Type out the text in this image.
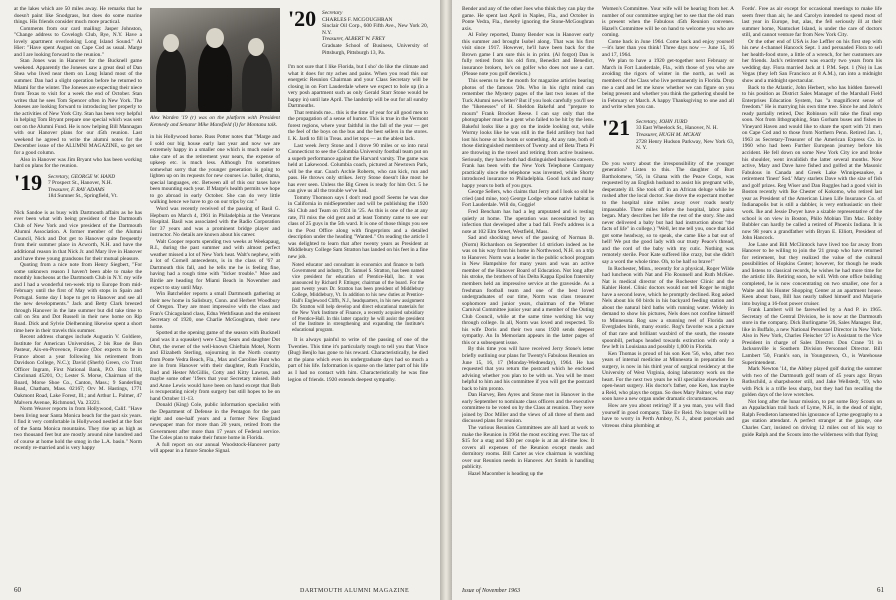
at the lakes which are 50 miles away. He remarks that he doesn't paint like Snodgrass, but does do some marine things. His friends consider much more practical.

Comments from our card mailing: Jasper Johnston, "Change address to Covelogh Club, Rye, N.Y. Have a lovely apartment overlooking Long Island Sound." Al Hier: "Have spent August on Cape Cod as usual. Marge and I are looking forward to the reunion."

Stan Jones was in Hanover for the Bucknell game weekend. Apparently the Joneses saw a great deal of Dan Shea who lived near them on Long Island most of the summer. Dan had a slight operation before he returned to Miami for the winter. The Joneses are expecting their niece from Texas to visit for a week the end of October. Stan writes that he sees Tom Spencer often in New York. The Joneses are looking forward to introducing her properly to the activities of New York City. Stan has been very helpful in helping Tom Bryant prepare one special which was sent out on the Alumni Fund. He is now helping Bill Mannagan with our Hanover plans for our 45th reunion. Last weekend he agreed to write the alumni notes for the December issue of the ALUMNI MAGAZINE, so get set for a good column.

Also in Hanover was Jim Bryant who has been working hard on plans for the reunion.

'19 Secretary, GEORGE W. HAND
7 Prospect St., Hanover, N.H.
Treasurer, F. RAY ADAMS
184 Sumner St., Springfield, Vt.

Nick Sandoe is as busy with Dartmouth affairs as he has ever been what with being president of the Dartmouth Club of New York and vice president of the Dartmouth Alumni Association. A former member of the Alumni Council, Nick and Dot get to Hanover quite frequently from their summer place in Acworth, N.H. and have the additional reason in that Nick Jr. and Mary live in Hanover and have three young grandsons for their mutual pleasure.

Quoting from a nice note from Henry Siegbert, "For some unknown reason I haven't been able to make the monthly luncheons at the Dartmouth Club in N.Y. my wife and I had a wonderful ten-week trip to Europe from mid-February until the first of May with stops in Spain and Portugal. Some day I hope to get to Hanover and see all the new developments." Jack and Betty Clark breezed through Hanover in the late summer but did take time to call on Stu and Dot Russell in their new home on Rip Road. Dick and Sylvie Dielhenning likewise spent a short time here in their travels this summer.

Recent address changes include Augustin V. Goldiere, Institute for American Universities, 2 bis Rue de Bon Pasteur, Aix-en-Provence, France (Doc expects to be in France about a year following his retirement from Davidson College, N.C.); David (Sherb) Green, c/o Trust Officer Ingram, First National Bank, P.O. Box 1118, Cincinnati 45201, O.; Lester S. Morse, Chairman of the Board, Morse Shoe Co., Canton, Mass.; 9 Sanderling Road, Chatham, Mass. 02167; Orv M. Hastings, 1771 Oakmont Road, Lake Forest, Ill.; and Arthur L. Palmer, 47 Malvern Avenue, Richmond, Va. 23221.

Norm Weaver reports in from Hollywood, Calif. "Have been living near Santa Monica beach for the past six years. I find it very comfortable in Hollywood nestled at the foot of the Santa Monica mountains. They rise up as high as two thousand feet but are mostly around nine hundred and of course at home hold the smog in the L.A. basin." Norm recently re-married and is very happy

Alex Warden '19 (r) was on the platform with President Kennedy and Senator Mike Mansfield (l) for Montana talk.

in his Hollywood home. Russ Potter notes that "Marge and I sold our big house early last year and now we are extremely happy in a smaller one which is much easier to take care of as the retirement year nears, the expense of upkeep etc. is much less. Although I'm sometimes somewhat sorry that the younger generation is going to lighten up on its requests for new courses i.e. ballet, drama, special languages, etc. Between all of this our taxes have been mounting each year. If Marge's health permits we hope to go abroad in early October. She can do very little walking hence we have to go on our trips by car."

Word was recently received of the passing of Basil G. Hepburn on March 4, 1961 in Philadelphia at the Veterans Hospital. Basil was associated with the Radio Corporation for 37 years and was a prominent bridge player and instructor. No details are known about his career.

Walt Cooper reports spending two weeks at Weekapaug, R.I., during the past summer and with almost perfect weather missed a lot of New York heat. Walt's nephew, with a lot of Cornell antecedents, is in the class of '67 at Dartmouth this fall, and he tells me he is feeling fine, having had a rough time with "ticker trouble." Moe and Birdie are heading for Miami Beach in November and expect to stay until May.

Win Batchelder reports a small Dartmouth gathering at their new home in Salisbury, Conn. and Herbert Woodbury of Oregon. They are most impressive with the class and Fran's Chicagoland class, Edna Wethfisaun and the eminent Secretary of 1920, one Charlie McGoughran, their new home.

Spotted at the opening game of the season with Bucknell (and was it a squeaker) were Chug Sears and daughter Dot Ohrt, the owner of the well-known Chieftain Motel, Norm and Elizabeth Sterling, sojourning in the North country from Ponte Vedra Beach, Fla., Max and Caroline Hunt who are in from Hanover with their daughter, Ruth Fracklin, Bud and Hester McGillis, Cotty and Kitty Lawton, and maybe some other '19ers that your Secretary missed. Bob and Anne Lewis would have been on hand except that Bob is recuperating nicely from surgery but still hopes to be on hand October 11-13.

Donald (King) Cole, public information specialist with the Department of Defense in the Pentagon for the past eight and one-half years and a former New England newspaper man for more than 20 years, retired from the Government after more than 17 years of Federal service. The Coles plan to make their future home in Florida.

A full report on our annual Woodstock-Hanover party will appear in a future Smoke Signal.

'20 Secretary
CHARLES F. MCGOUGHRAN
Sinclair Oil Corp., 600 Fifth Ave., New York 20, N.Y.
Treasurer, ALBERT W. FREY
Graduate School of Business, University of Pittsburgh, Pittsburgh 13, Pa.

I'm not sure that I like Florida, but I sho' do like the climate and what it does for my aches and pains. When you read this our energetic Reunion Chairman and your Class Secretary will be closing in on Fort Lauderdale where we expect to hole up (in a very posh apartment such as only Gerald Starr Stone would be happy in) until late April. The landstrip will be out for all sundry Dartmouths.

That reminds me... this is the time of year for all good men to the propagation of a sense of humor. This is true in the Vermont forest regions, where your faithful in the fall of the year — get the feel of the boys on the bus and the best sellers in the stores. I. K. Jardi to fill in Treas. and let tops — as the ablest lack.

Last week Jerry Stone and I drove 90 miles or so into rural Connecticut to see the Columbia University football team put on a superb performance against the Harvard varsity. The game was held at Lakewood. Columbia coach, pictured at Newtown Park, will be the star. Coach Archie Roberts, who can kick, run and pass. He throws only strikes. Jerry Stone doesn't like most he has ever seen. Unless the Big Green is ready for him Oct. 5 he can give us all the trouble we've had.

Tommy Thomson says I don't read good! Seems he was due in California in midSeptember and will be publishing the 1920 Ski Club and Team on 1924 in '25. As this is one of the at any rate, I'll miss the old gent and at least Tommy came to see our class of 25 guys in the 5th ward. It is one of those things you see in the Post Office along with fingerprints and a detailed description under the heading "Wanted." On reading the article I was delighted to learn that after twenty years as President at Middlebury College Sam Stratton has landed on his feet in a fine new job.

Noted educator and consultant in economics and finance to both Government and industry, Dr. Samuel S. Stratton, has been named vice president for education of Prentice-Hall, Inc. it was announced by Richard P. Ettinger, chairman of the board. For the past twenty years Dr. Stratton has been president of Middlebury College, Middlebury, Vt. In addition to his new duties at Prentice-Hall's Englewood Cliffs, N.J., headquarters, in his new assignment Dr. Stratton will help develop and direct educational materials for the New York Institute of Finance, a recently acquired subsidiary of Prentice-Hall. In this latter capacity he will assist the president of the Institute in strengthening and expanding the Institute's educational program.

It is always painful to write of the passing of one of the Twenties. This time it's particularly tough to tell you that Vince (Bug) Benjlo has gone to his reward. Characteristically, he died at the piano which even its undergraduate days had so much a part of his life. Information is sparse on the latter part of his life as I had no contact with him. Characteristically he was fine legion of friends. 1920 extends deepest sympathy.

60	DARTMOUTH ALUMNI MAGAZINE

Bender and any of the other Joes who think they can play the game. He spent last April in Naples, Fla., and October in Ponte Vedra, Fla., thereby ignoring the Stone-McGoughran axis.

Al Foley reported, Danny Bender was in Hanover early this summer and brought Isobel along. That was his first visit since 1917. However, he'll have been back for the Brown game I am sure this is in print. (Al forgot) Dan is fully retired from his old firm, Benedict and Benedict, insurance brokers, he's on golfer who does not use a cart. (Please note you golf derelicts.)

This seems to be the month for magazine articles bearing photos of the famous '20s. Who in his right mind can remember the Mystery pages of the last two issues of the Tuck Alumni news letter? But if you look carefully you'll see the "likenesses" of H. Sheldon Bakeful and "prepare to mourn" Frank Brocket Reese. I can say only that the photographer must be a gent who failed to be hit by the lens. Bakeful looks like a guy on the inside looking out, while Wormy looks like he was still in the field artillery but had lost his horse or his boots or something. At any rate, both of those distinguished members of Twenty and of Beta Theta Pi are throwing in the towel and retiring from active business. Seriously, they have both had distinguished business careers. Frank has been with the New York Telephone Company practically since the telephone was invented, while Shorty introduced insurance to Philadelphia. Good luck and many happy years to both of you guys.

George Sellers, who claims that Jerry and I look so old he cried (and mine, too) George Lodge whose native habitat is Fort Lauderdale. Will do, Goggie!

Fred Bencham has had a leg amputated and is resting quietly at home. The operation was necessitated by an infection that developed after a bad fall. Fred's address is a note at 102 Elm Street, Westfield, Mass.

Sad and shocking news of the passing of Norman B. (Norm) Richardson on September 14 stricken indeed as he was on his way from his home in Northwood, N.H. on a trip to Hanover. Norm was a leader in the public school program in New Hampshire for many years and was an active member of the Hanover Board of Education. Not long after his stroke, the brothers of his Delta Kappa Epsilon fraternity members held an impressive service at the graveside. As a freshman football team and one of the best loved undergraduates of our time, Norm was class treasurer sophomore and junior years, chairman of the Winter Carnival Committee junior year and a member of the Outing Club Council, while at the same time working his way through college. In all, Norm was loved and respected. To his wife Doris and their two sons 1920 sends deepest sympathy. An In Memoriam appears in the latter pages of this or a subsequent issue.

By this time you will have received Jerry Stone's letter briefly outlining our plans for Twenty's Fabulous Reunion on June 15, 16, 17 (Monday-Wednesday), 1964. He has requested that you return the postcard which he enclosed advising whether you plan to be with us. You will be most helpful to him and his committee if you will get the postcard back to him pronto.

Dan Harvey, Ben Ayres and Stone met in Hanover in the early September to nominate class officers and the executive committee to be voted on by the Class at reunion. They were joined by Doc Miller and the views of all three of them and discussed plans for reunion.

The various Reunion Committees are all hard at work to make the Reunion in 1964 the most exciting ever. The tax of $15 for a stag and $30 per couple is at an all-time low. It covers all expenses of the Reunion except meals and dormitory rooms. Bill Carter as vice chairman is watching over our Reunion needs in Hanover. Art Smith is handling publicity.

Hazel Macomber is heading up the

Women's Committee. Your wife will be hearing from her. A number of our committee urging her to see that the old man is present when the Fabulous 45th Reunion convenes. Hazel's Committee will be on hand to welcome you who are coming.

Come back in June 1964. Come back and enjoy yourself—it's later than you think! Three days now — June 15, 16 and 17, 1964.

We plan to have a 1920 get-together next February or March in Fort Lauderdale, Fla., with those of you who are avoiding the rigors of winter in the north, as well as members of the Class who live permanently in Florida. Drop me a card and let me know whether we can figure on you being present and whether you think the gathering should be in February or March. A happy Thanksgiving to one and all and write when you can.

'21 Secretary, JOHN JURD
33 East Wheelock St., Hanover, N. H.
Treasurer, HUGH M. MCKAY
2728 Henry Hudson Parkway, New York 63, N. Y.

Do you worry about the irresponsibility of the younger generation? Listen to this. The daughter of Burt Bartholomew, '56, in Ghana with the Peace Corps, was requested by an English husband to assist his pregnant wife, desperately ill. She took off in an African deluge while he rushed after the local doctor. Sue drove the expectant mother to the hospital nine miles away over roads nearly impassable. Three miles before the hospital, labor pains began. Mary describes her life the rest of the story. She and never delivered a baby but had had instruction about "the facts of life" in college.) "Well, let me tell you, once that kid got some headway, so to speak, she came like a bat out of hell! We put the good lady with our trusty Peace's thread, and the cord of the baby with my cutic. Nothing was remotely sterile. Poor Kate suffered like crazy, but she didn't say a word the whole time. Oh, to be half so brave!"

In Rochester, Minn., recently for a physical, Roger Wilde had luncheon with Nat and Flo Rounsell and Ruth McKee. Nat is medical director of the Rochester Clinic and the Kahler Hotel. Clinic doctors would not tell Roger he might have a second leave, which he promptly declined. Rog asked Nels about his 60 birds in his backyard feeding station and about the natural bird baths with running water. Widely in demand to show his pictures, Nels does not confine himself to Minnesota. Rog saw a stunning reel of Florida and Everglades birds, many exotic. Rog's favorite was a picture of that rare and brilliant waxbird of the south, the roseate spoonbill, perhaps headed towards extinction with only a few left in Louisiana and possibly 1,000 in Florida.

Ken Thomas is proud of his son Ken '56, who, after two years of internal medicine at Minnesota in preparation for surgery, is now in his third year of surgical residency at the University of West Virginia, doing laboratory work on the heart. For the next two years he will specialize elsewhere in open-heart surgery. His doctor's father, one Ken, has maybe a Reid, who plays the organ. So does Mary Palmer, who may soon have a new organ under dramatic circumstances.

How are you about retiring? If a yea man, you will find yourself in good company. Take Ev Reid. No longer will he have to worry in Perth Amboy, N. J., about porcelain and vitreous china plumbing at

Fords'. Free as air except for occasional meetings to make life seem freer than air, he and Carolyn intended to spend most of last year in Europe, but, alas, the fell seriously ill at their summer home, Nantucket Island, is under the care of doctors still, and cannot venture far from New York City.

Or the other end of USA is Joe Leffler on his first step with his new 4-channel Hancock Sept. 1 and persuaded Flora to sell her health-food store, a little of a wrench, for her customers are her friends. Jack's retirement was exactly two years from his wedding day. Flora married Jack at 1 P.M. Sept. 1 (No) in Las Vegas (they left San Francisco at 8 A.M.), ran into a midnight show and a midnight spectacular.

Back to the Atlantic, John Herbert, who has hidden farewell to his position as District Sales Manager of the Marshall Field Enterprises Education System, has "a magnificent sense of freedom." He is marrying his own time tree. Since he and John's ready partially retired, Doc Robinson will take the final step soon. Not from lithographing, Stan Gorham buses and fishes in Vineyard Haven and would like to share the sport with '21 men on Cape Cod and to those from Northern Penn. Retired Jan. 1, 1963 as Secretary-Treasurer of the American Express Co. in 1960 who had been Further European journey before his accident. He fell down on some New York City ice and broke his shoulder, went invalidish the latter several months. Now active, Mary and Dave have fished and golfed at the Masonic Fabulous in Canada and Greek Lake Winnipesaukee, a retirement 'finest' Sod.' Mary starlets Dave with the size of fish and golf prizes. Reg Wiser and Dan Ruggles had a good visit in Boston recently with Ike Chester of Kokomo, who retired last year as President of the American Linen Life Insurance Co. of Indianapolis but is still a dabbler, is very enthusiastic on their work. Ike and Jessie Dwyer have a sizable representative of the school is on view in Boston, Philo Mobian Tim Mac. Bobby Bubbler can hardly be called a retired of Phoenix Indiana. It is now 98 years a grandfather with Bryan E. Elliott, President of John Hancock.

Joe Lane and Bill McClintock have lived too far away from Hanover to be willing to join the '21 group who have returned for retirement, but they realized the value of the cultural possibilities of Hopkins Center; however, for though he reads and listens to classical records, he wishes he had more time for the artistic life. Retiring soon, he will. With one office building completed, he is now concentrating on two smaller, one for a Waite and his Hunter Shopping Center at an apartment house. Keen about bass, Bill has nearly talked himself and Marjorie into buying a 16-foot power cruiser.

Frank Lambert will be farewelled by a And P. in 1965. Secretary of the Central Division, he is now at the Dartmouth store in the company. Dick Burlingame '26, Sales Manager. But, like in Buffalo, a new National Personnel Director in New York. Also in New York, Charles Fleischer '27 is Assistant to the Vice President in charge of Sales Director. Don Crane '31 in Jacksonville is Southern Division Personnel Director. Bill Lambert '50, Frank's son, in Youngstown, O., is Warehouse Superintendent.

Mark Newton '14, the Abbey played golf during the summer with two of the Dartmouth golf team of 45 years ago: Bryan Rothschild, a sharpshooter still, and Jake Wellstedt, '19, who with Pick is a trifle less sharp, but they had fun recalling the golden days of the love wretches.

Not long after the lunar mission, to put some Boy Scouts on an Appalachian trail back of Lyme, N.H., in the dead of night, Ralph Fendleton lamented his ignorance of Lyme geography to a gas station attendant. A perfect stranger at the garage, one Charles Carr, insisted on driving 12 miles out of his way to guide Ralph and the Scouts into the wilderness with that flying

Issue of November 1963	61
